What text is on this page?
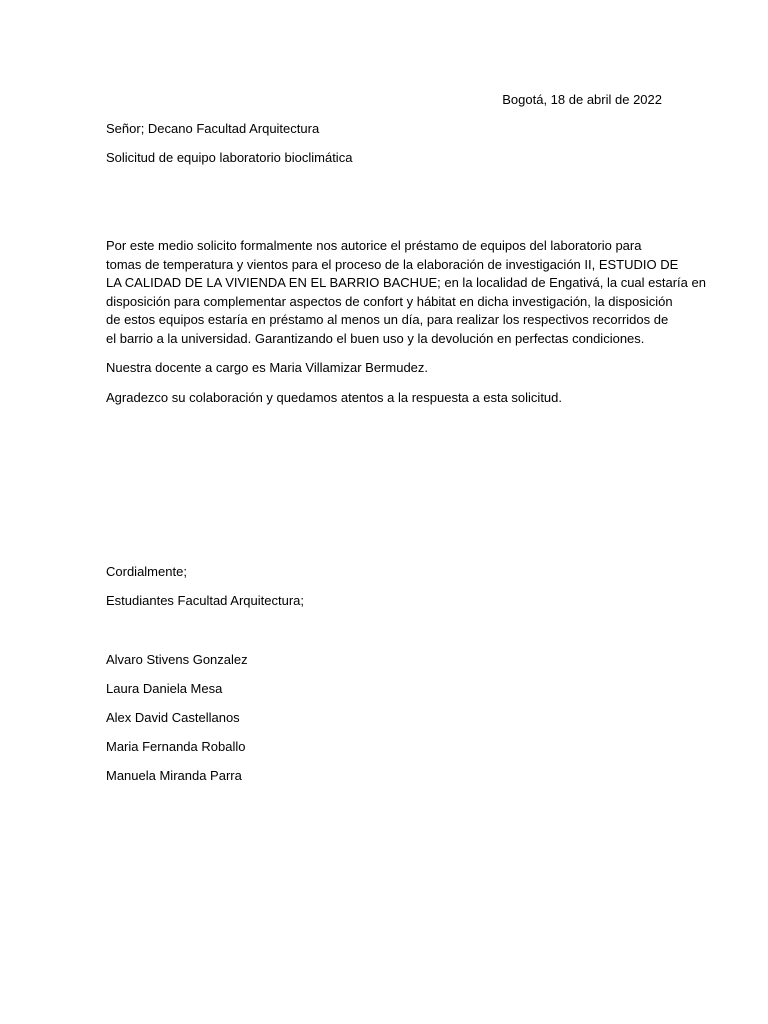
Bogotá, 18 de abril de 2022

Señor; Decano Facultad Arquitectura

Solicitud de equipo laboratorio bioclimática

Por este medio solicito formalmente nos autorice el préstamo de equipos del laboratorio para
tomas de temperatura y vientos para el proceso de la elaboración de investigación II, ESTUDIO DE
LA CALIDAD DE LA VIVIENDA EN EL BARRIO BACHUE; en la localidad de Engativá, la cual estaría en
disposición para complementar aspectos de confort y hábitat en dicha investigación, la disposición
de estos equipos estaría en préstamo al menos un día, para realizar los respectivos recorridos de
el barrio a la universidad. Garantizando el buen uso y la devolución en perfectas condiciones.

Nuestra docente a cargo es Maria Villamizar Bermudez.

Agradezco su colaboración y quedamos atentos a la respuesta a esta solicitud.

Cordialmente;

Estudiantes Facultad Arquitectura;

Alvaro Stivens Gonzalez
Laura Daniela Mesa
Alex David Castellanos
Maria Fernanda Roballo
Manuela Miranda Parra
